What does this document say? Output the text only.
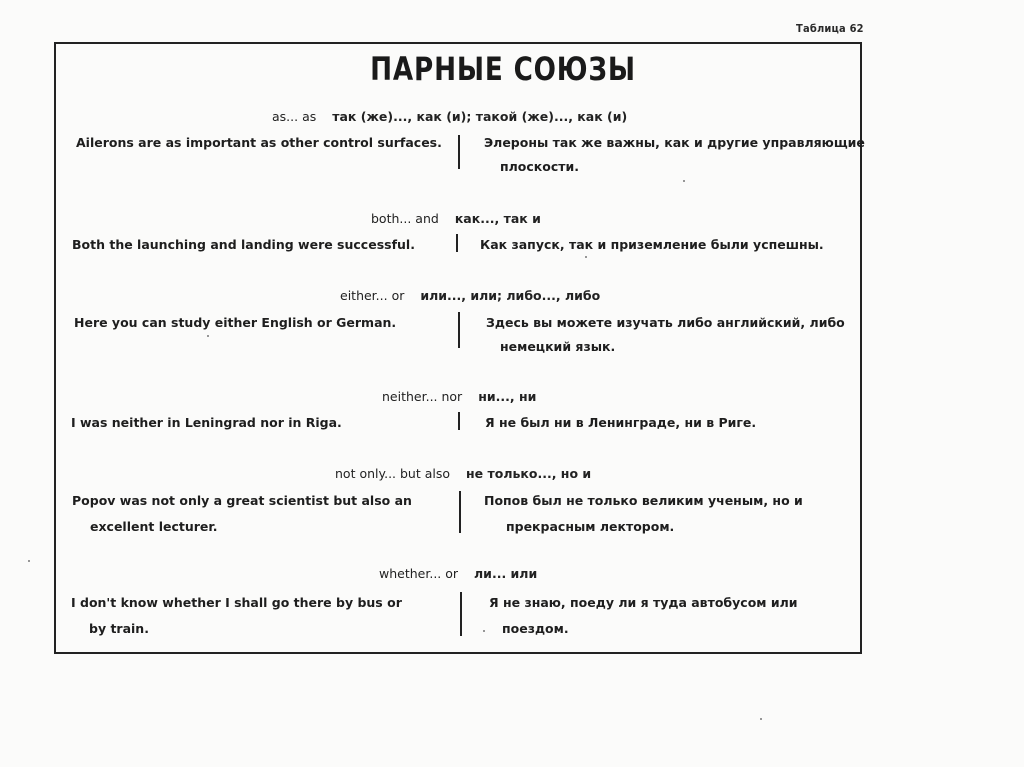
Таблица 62
ПАРНЫЕ СОЮЗЫ
as... as так (же)..., как (и); такой (же)..., как (и)
Ailerons are as important as other control surfaces.	Элероны так же важны, как и другие управляющие
плоскости.
both... and как..., так и
Both the launching and landing were successful.	Как запуск, так и приземление были успешны.
either... or или..., или; либо..., либо
Here you can study either English or German.	Здесь вы можете изучать либо английский, либо
немецкий язык.
neither... nor ни..., ни
I was neither in Leningrad nor in Riga.	Я не был ни в Ленинграде, ни в Риге.
not only... but also не только..., но и
Popov was not only a great scientist but also an
excellent lecturer.
Попов был не только великим ученым, но и
прекрасным лектором.
whether... or ли... или
I don't know whether I shall go there by bus or
by train.
Я не знаю, поеду ли я туда автобусом или
поездом.
